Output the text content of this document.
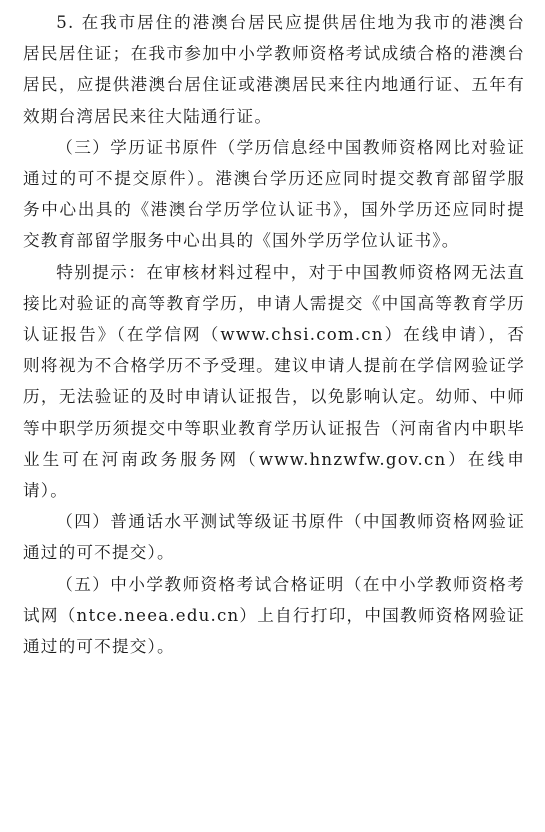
5. 在我市居住的港澳台居民应提供居住地为我市的港澳台居民居住证；在我市参加中小学教师资格考试成绩合格的港澳台居民，应提供港澳台居住证或港澳居民来往内地通行证、五年有效期台湾居民来往大陆通行证。

（三）学历证书原件（学历信息经中国教师资格网比对验证通过的可不提交原件）。港澳台学历还应同时提交教育部留学服务中心出具的《港澳台学历学位认证书》，国外学历还应同时提交教育部留学服务中心出具的《国外学历学位认证书》。

特别提示：在审核材料过程中，对于中国教师资格网无法直接比对验证的高等教育学历，申请人需提交《中国高等教育学历认证报告》（在学信网（www.chsi.com.cn）在线申请），否则将视为不合格学历不予受理。建议申请人提前在学信网验证学历，无法验证的及时申请认证报告，以免影响认定。幼师、中师等中职学历须提交中等职业教育学历认证报告（河南省内中职毕业生可在河南政务服务网（www.hnzwfw.gov.cn）在线申请）。

（四）普通话水平测试等级证书原件（中国教师资格网验证通过的可不提交）。

（五）中小学教师资格考试合格证明（在中小学教师资格考试网（ntce.neea.edu.cn）上自行打印，中国教师资格网验证通过的可不提交）。
